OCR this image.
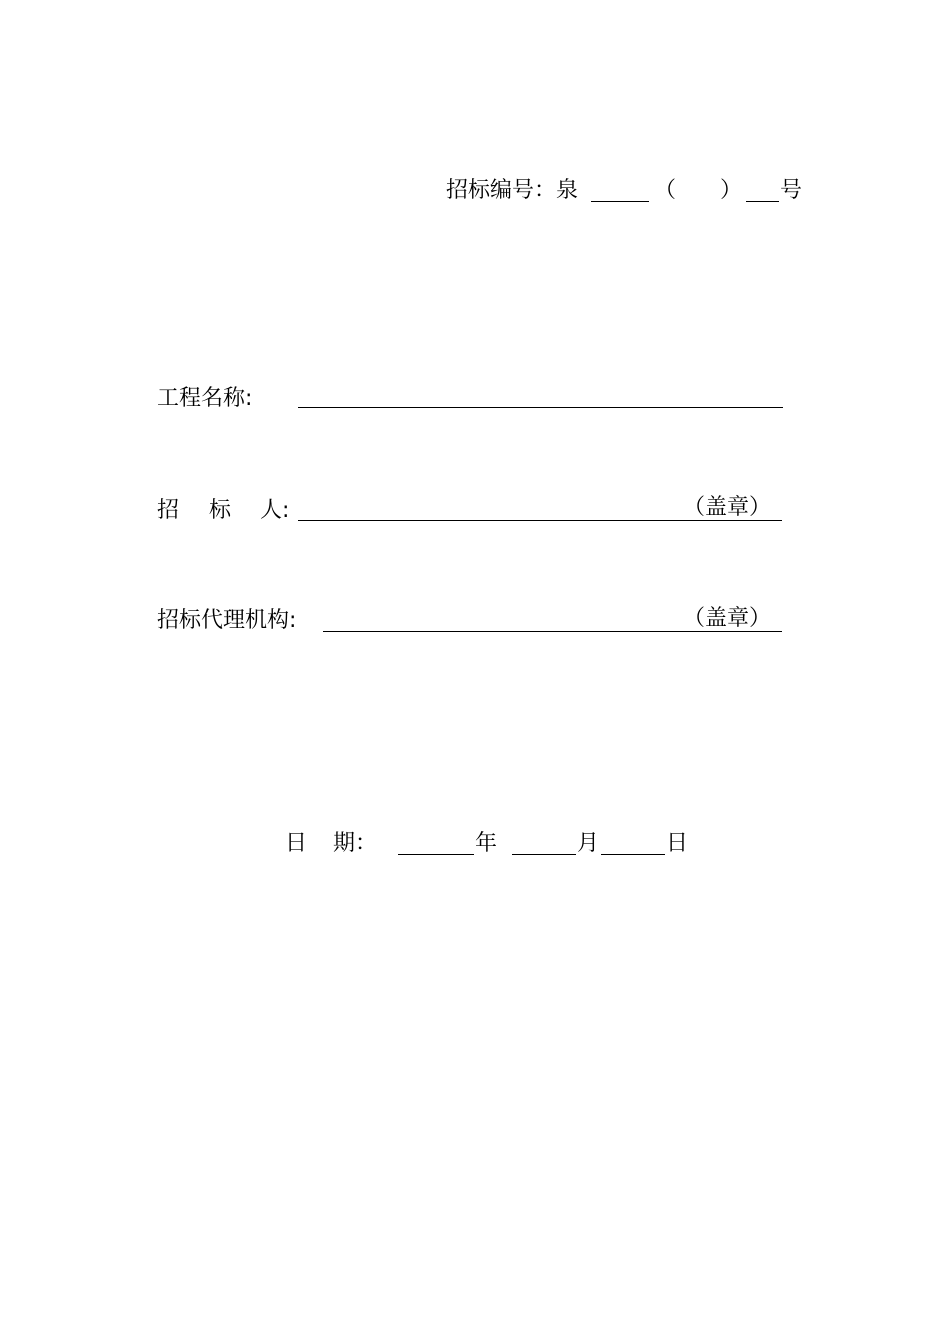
招标编号：泉	（ ） 号
工程名称:
招 标 人:	（盖章）
招标代理机构:	（盖章）
日 期：	年	月	日
